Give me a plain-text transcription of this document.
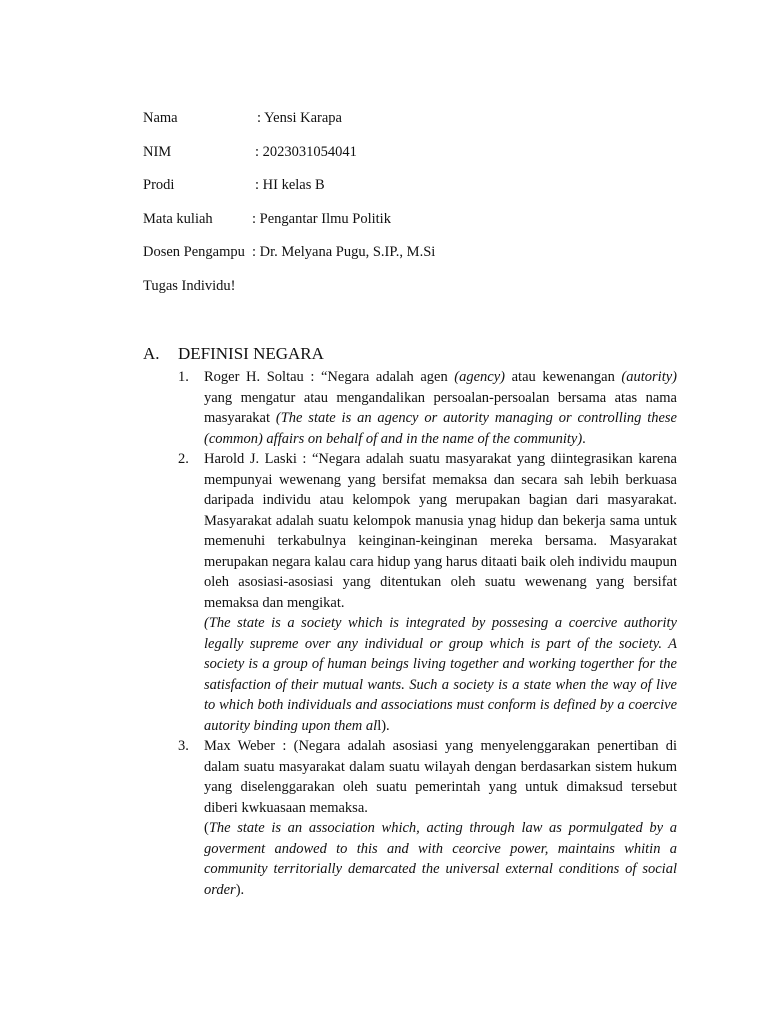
Nama	: Yensi Karapa
NIM	: 2023031054041
Prodi	: HI kelas B
Mata kuliah	: Pengantar Ilmu Politik
Dosen Pengampu : Dr. Melyana Pugu, S.IP., M.Si
Tugas Individu!
A. DEFINISI NEGARA
1. Roger H. Soltau : “Negara adalah agen (agency) atau kewenangan (autority) yang mengatur atau mengandalikan persoalan-persoalan bersama atas nama masyarakat (The state is an agency or autority managing or controlling these (common) affairs on behalf of and in the name of the community).

2. Harold J. Laski : “Negara adalah suatu masyarakat yang diintegrasikan karena mempunyai wewenang yang bersifat memaksa dan secara sah lebih berkuasa daripada individu atau kelompok yang merupakan bagian dari masyarakat. Masyarakat adalah suatu kelompok manusia ynag hidup dan bekerja sama untuk memenuhi terkabulnya keinginan-keinginan mereka bersama. Masyarakat merupakan negara kalau cara hidup yang harus ditaati baik oleh individu maupun oleh asosiasi-asosiasi yang ditentukan oleh suatu wewenang yang bersifat memaksa dan mengikat.

(The state is a society which is integrated by possesing a coercive authority legally supreme over any individual or group which is part of the society. A society is a group of human beings living together and working togerther for the satisfaction of their mutual wants. Such a society is a state when the way of live to which both individuals and associations must conform is defined by a coercive autority binding upon them all).

3. Max Weber : (Negara adalah asosiasi yang menyelenggarakan penertiban di dalam suatu masyarakat dalam suatu wilayah dengan berdasarkan sistem hukum yang diselenggarakan oleh suatu pemerintah yang untuk dimaksud tersebut diberi kwkuasaan memaksa.

(The state is an association which, acting through law as pormulgated by a goverment andowed to this and with ceorcive power, maintains whitin a community territorially demarcated the universal external conditions of social order).
